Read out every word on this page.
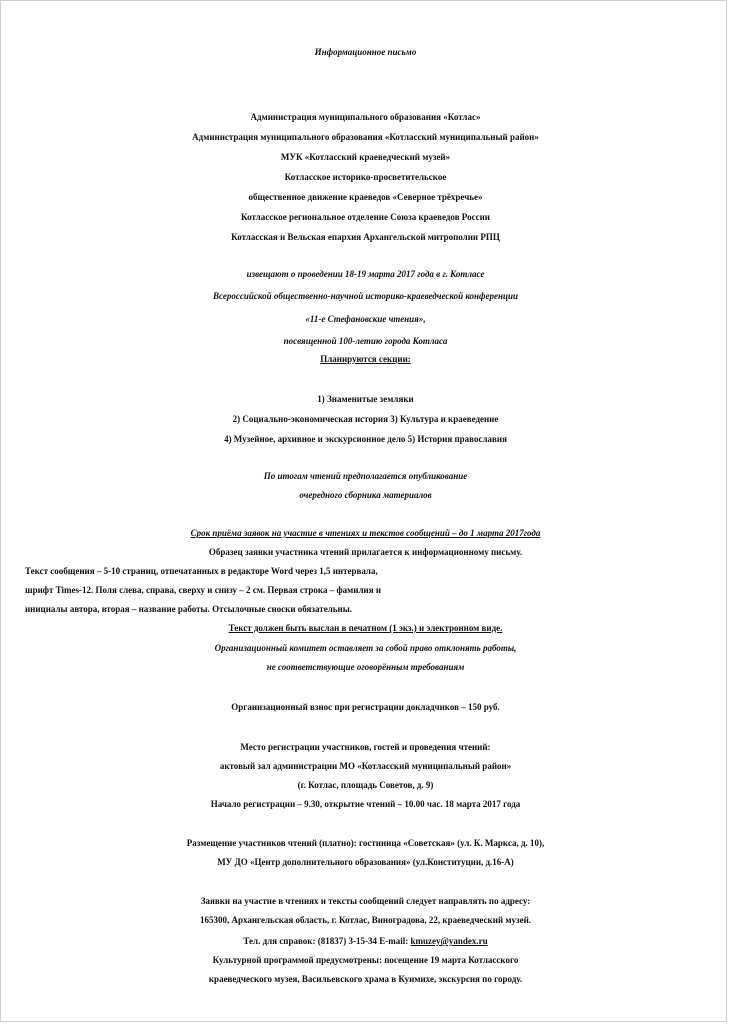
Информационное письмо
Администрация муниципального образования «Котлас»
Администрация муниципального образования «Котласский муниципальный район»
МУК «Котласский краеведческий музей»
Котласское историко-просветительское
общественное движение краеведов «Северное трёхречье»
Котласское региональное отделение Союза краеведов России
Котласская и Вельская епархия Архангельской митрополии РПЦ
извещают о проведении 18-19 марта 2017 года в г. Котласе
Всероссийской общественно-научной историко-краеведческой конференции
«11-е Стефановские чтения»,
посвященной 100-летию города Котласа
Планируются секции:
1) Знаменитые земляки
2) Социально-экономическая история 3) Культура и краеведение
4) Музейное, архивное и экскурсионное дело 5) История православия
По итогам чтений предполагается опубликование
очередного сборника материалов
Срок приёма заявок на участие в чтениях и текстов сообщений – до 1 марта 2017года
Образец заявки участника чтений прилагается к информационному письму.
Текст сообщения – 5-10 страниц, отпечатанных в редакторе Word через 1,5 интервала,
шрифт Times-12. Поля слева, справа, сверху и снизу – 2 см. Первая строка – фамилия и
инициалы автора, вторая – название работы. Отсылочные сноски обязательны.
Текст должен быть выслан в печатном (1 экз.) и электронном виде.
Организационный комитет оставляет за собой право отклонять работы,
не соответствующие оговорённым требованиям
Организационный взнос при регистрации докладчиков – 150 руб.
Место регистрации участников, гостей и проведения чтений:
актовый зал администрации МО «Котласский муниципальный район»
(г. Котлас, площадь Советов, д. 9)
Начало регистрации – 9.30, открытие чтений – 10.00 час. 18 марта 2017 года
Размещение участников чтений (платно): гостиница «Советская» (ул. К. Маркса, д. 10),
МУ ДО «Центр дополнительного образования» (ул.Конституции, д.16-А)
Заявки на участие в чтениях и тексты сообщений следует направлять по адресу:
165300, Архангельская область, г. Котлас, Виноградова, 22, краеведческий музей.
Тел. для справок: (81837) 3-15-34 E-mail: kmuzey@yandex.ru
Культурной программой предусмотрены: посещение 19 марта Котласского
краеведческого музея, Васильевского храма в Куимихе, экскурсия по городу.
